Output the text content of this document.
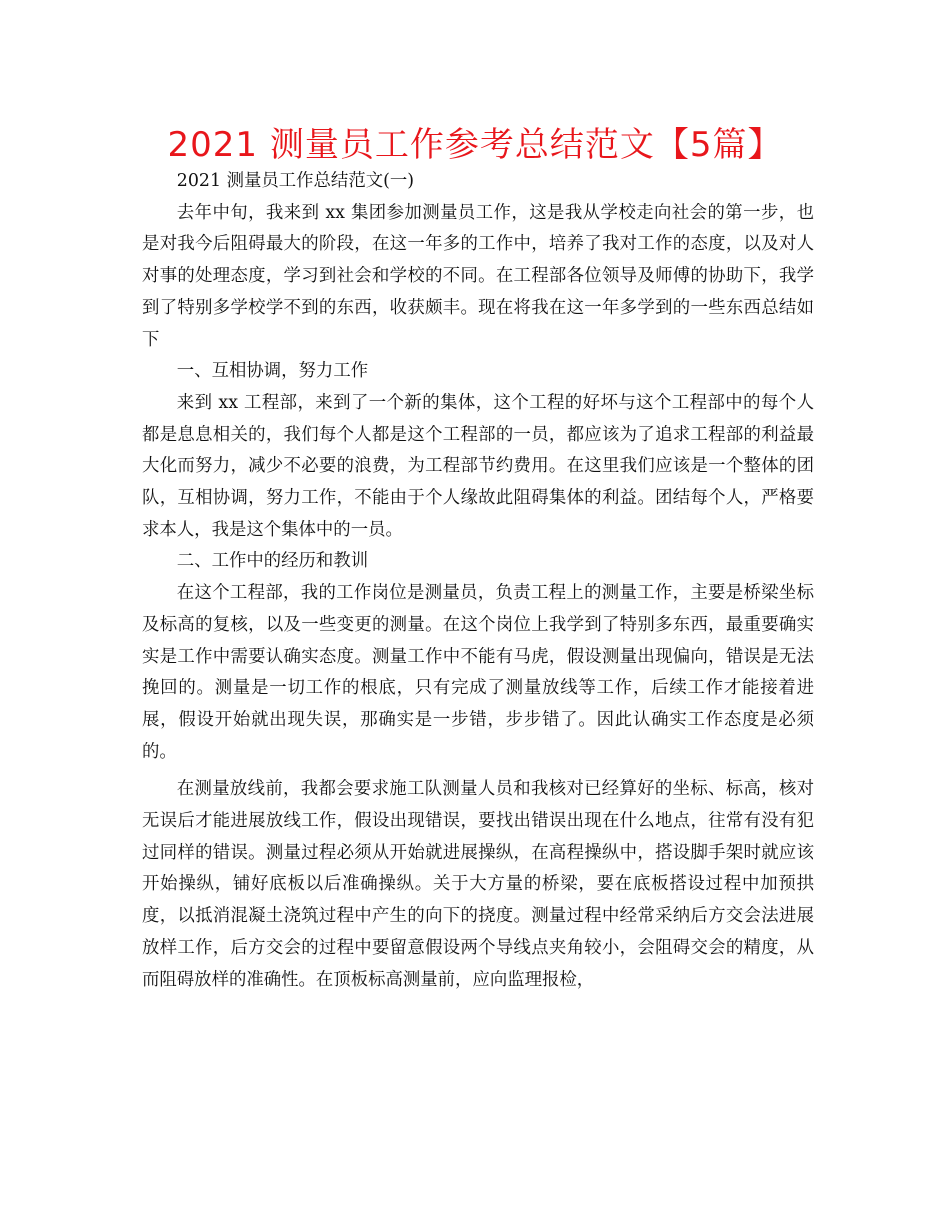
2021 测量员工作参考总结范文【5篇】

2021 测量员工作总结范文(一)

去年中旬，我来到 xx 集团参加测量员工作，这是我从学校走向社会的第一步，也是对我今后阻碍最大的阶段，在这一年多的工作中，培养了我对工作的态度，以及对人对事的处理态度，学习到社会和学校的不同。在工程部各位领导及师傅的协助下，我学到了特别多学校学不到的东西，收获颇丰。现在将我在这一年多学到的一些东西总结如下

一、互相协调，努力工作

来到 xx 工程部，来到了一个新的集体，这个工程的好坏与这个工程部中的每个人都是息息相关的，我们每个人都是这个工程部的一员，都应该为了追求工程部的利益最大化而努力，减少不必要的浪费，为工程部节约费用。在这里我们应该是一个整体的团队，互相协调，努力工作，不能由于个人缘故此阻碍集体的利益。团结每个人，严格要求本人，我是这个集体中的一员。

二、工作中的经历和教训

在这个工程部，我的工作岗位是测量员，负责工程上的测量工作，主要是桥梁坐标及标高的复核，以及一些变更的测量。在这个岗位上我学到了特别多东西，最重要确实实是工作中需要认确实态度。测量工作中不能有马虎，假设测量出现偏向，错误是无法挽回的。测量是一切工作的根底，只有完成了测量放线等工作，后续工作才能接着进展，假设开始就出现失误，那确实是一步错，步步错了。因此认确实工作态度是必须的。

在测量放线前，我都会要求施工队测量人员和我核对已经算好的坐标、标高，核对无误后才能进展放线工作，假设出现错误，要找出错误出现在什么地点，往常有没有犯过同样的错误。测量过程必须从开始就进展操纵，在高程操纵中，搭设脚手架时就应该开始操纵，铺好底板以后准确操纵。关于大方量的桥梁，要在底板搭设过程中加预拱度，以抵消混凝土浇筑过程中产生的向下的挠度。测量过程中经常采纳后方交会法进展放样工作，后方交会的过程中要留意假设两个导线点夹角较小，会阻碍交会的精度，从而阻碍放样的准确性。在顶板标高测量前，应向监理报检，
